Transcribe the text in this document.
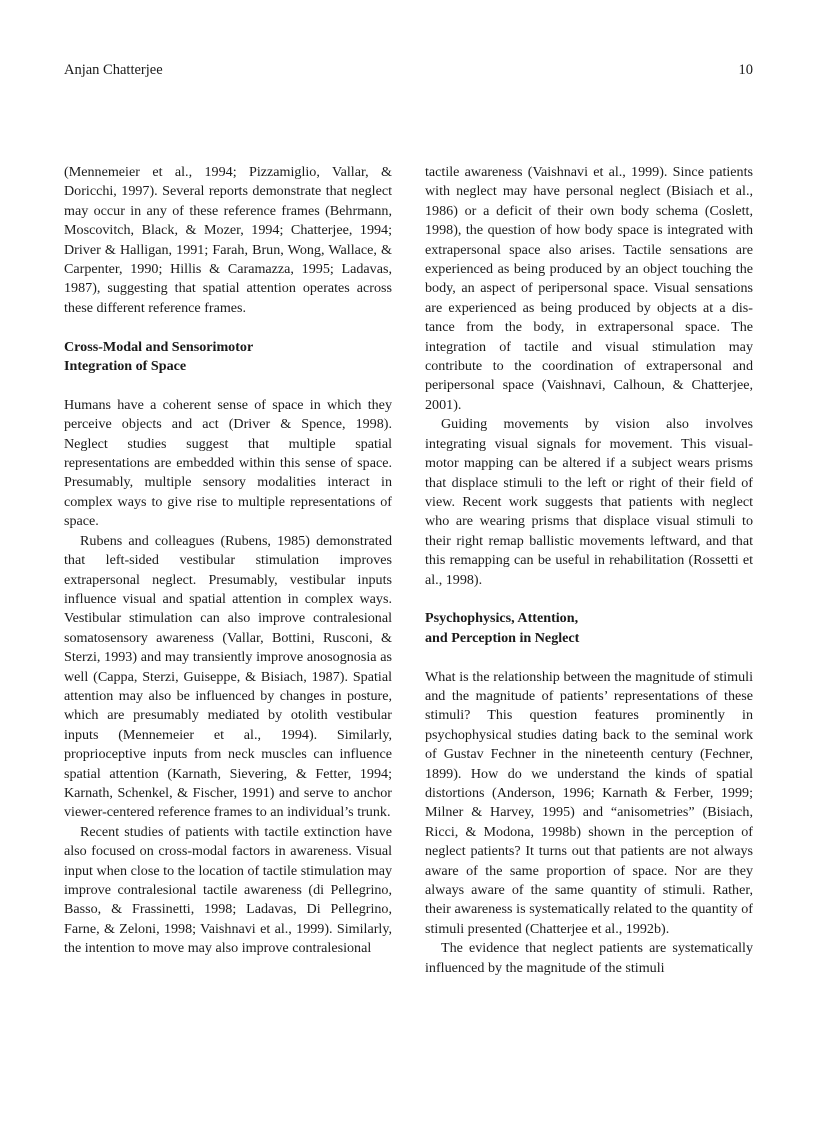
Anjan Chatterjee	10

(Mennemeier et al., 1994; Pizzamiglio, Vallar, & Doricchi, 1997). Several reports demonstrate that neglect may occur in any of these reference frames (Behrmann, Moscovitch, Black, & Mozer, 1994; Chatterjee, 1994; Driver & Halligan, 1991; Farah, Brun, Wong, Wallace, & Carpenter, 1990; Hillis & Caramazza, 1995; Ladavas, 1987), suggesting that spatial attention operates across these different reference frames.

Cross-Modal and Sensorimotor
Integration of Space

Humans have a coherent sense of space in which they perceive objects and act (Driver & Spence, 1998). Neglect studies suggest that multiple spatial representations are embedded within this sense of space. Presumably, multiple sensory modalities interact in complex ways to give rise to multiple representations of space.

Rubens and colleagues (Rubens, 1985) demonstrated that left-sided vestibular stimulation improves extrapersonal neglect. Presumably, vestibular inputs influence visual and spatial attention in complex ways. Vestibular stimulation can also improve contralesional somatosensory awareness (Vallar, Bottini, Rusconi, & Sterzi, 1993) and may transiently improve anosognosia as well (Cappa, Sterzi, Guiseppe, & Bisiach, 1987). Spatial attention may also be influenced by changes in posture, which are presumably mediated by otolith vestibular inputs (Mennemeier et al., 1994). Similarly, proprioceptive inputs from neck muscles can influence spatial attention (Karnath, Sievering, & Fetter, 1994; Karnath, Schenkel, & Fischer, 1991) and serve to anchor viewer-centered reference frames to an individual’s trunk.

Recent studies of patients with tactile extinction have also focused on cross-modal factors in awareness. Visual input when close to the location of tactile stimulation may improve contralesional tactile awareness (di Pellegrino, Basso, & Frassinetti, 1998; Ladavas, Di Pellegrino, Farne, & Zeloni, 1998; Vaishnavi et al., 1999). Similarly, the intention to move may also improve contralesional

tactile awareness (Vaishnavi et al., 1999). Since patients with neglect may have personal neglect (Bisiach et al., 1986) or a deficit of their own body schema (Coslett, 1998), the question of how body space is integrated with extrapersonal space also arises. Tactile sensations are experienced as being produced by an object touching the body, an aspect of peripersonal space. Visual sensations are experienced as being produced by objects at a distance from the body, in extrapersonal space. The integration of tactile and visual stimulation may contribute to the coordination of extrapersonal and peripersonal space (Vaishnavi, Calhoun, & Chatterjee, 2001).

Guiding movements by vision also involves integrating visual signals for movement. This visual-motor mapping can be altered if a subject wears prisms that displace stimuli to the left or right of their field of view. Recent work suggests that patients with neglect who are wearing prisms that displace visual stimuli to their right remap ballistic movements leftward, and that this remapping can be useful in rehabilitation (Rossetti et al., 1998).

Psychophysics, Attention,
and Perception in Neglect

What is the relationship between the magnitude of stimuli and the magnitude of patients’ representations of these stimuli? This question features prominently in psychophysical studies dating back to the seminal work of Gustav Fechner in the nineteenth century (Fechner, 1899). How do we understand the kinds of spatial distortions (Anderson, 1996; Karnath & Ferber, 1999; Milner & Harvey, 1995) and “anisometries” (Bisiach, Ricci, & Modona, 1998b) shown in the perception of neglect patients? It turns out that patients are not always aware of the same proportion of space. Nor are they always aware of the same quantity of stimuli. Rather, their awareness is systematically related to the quantity of stimuli presented (Chatterjee et al., 1992b).

The evidence that neglect patients are systematically influenced by the magnitude of the stimuli
